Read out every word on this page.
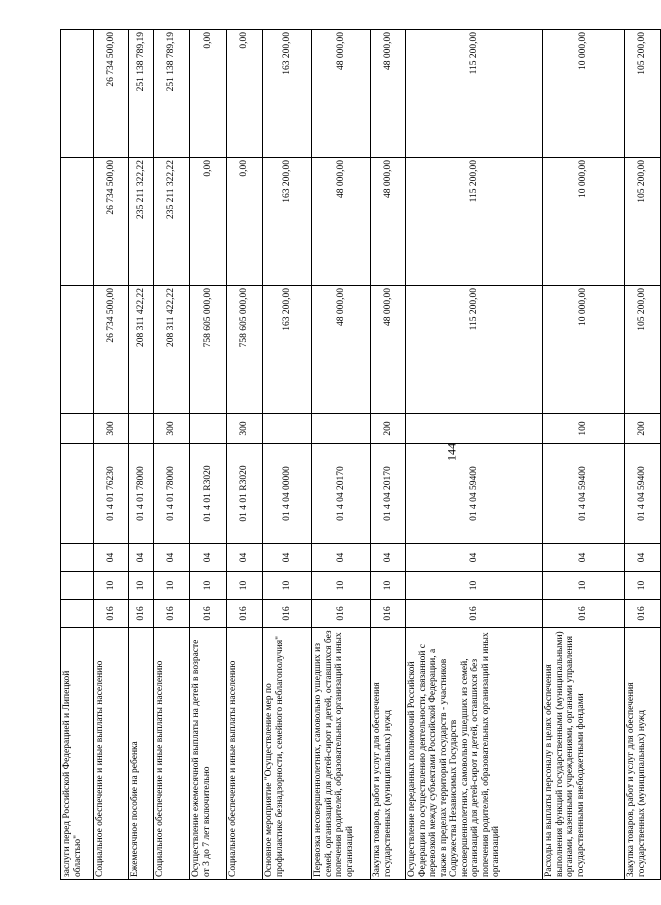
144
заслуги перед Российской Федерацией и Липецкой областью"								
Социальное обеспечение и иные выплаты населению	016	10	04	01 4 01 76230	300	26 734 500,00	26 734 500,00	26 734 500,00
Ежемесячное пособие на ребенка	016	10	04	01 4 01 78000		208 311 422,22	235 211 322,22	251 138 789,19
Социальное обеспечение и иные выплаты населению	016	10	04	01 4 01 78000	300	208 311 422,22	235 211 322,22	251 138 789,19
Осуществление ежемесячной выплаты на детей в возрасте от 3 до 7 лет включительно	016	10	04	01 4 01 R3020		758 605 000,00	0,00	0,00
Социальное обеспечение и иные выплаты населению	016	10	04	01 4 01 R3020	300	758 605 000,00	0,00	0,00
Основное мероприятие "Осуществление мер по профилактике безнадзорности, семейного неблагополучия"	016	10	04	01 4 04 00000		163 200,00	163 200,00	163 200,00
Перевозка несовершеннолетних, самовольно ушедших из семей, организаций для детей-сирот и детей, оставшихся без попечения родителей, образовательных организаций и иных организаций	016	10	04	01 4 04 20170		48 000,00	48 000,00	48 000,00
Закупка товаров, работ и услуг для обеспечения государственных (муниципальных) нужд	016	10	04	01 4 04 20170	200	48 000,00	48 000,00	48 000,00
Осуществление переданных полномочий Российской Федерации по осуществлению деятельности, связанной с перевозкой между субъектами Российской Федерации, а также в пределах территорий государств - участников Содружества Независимых Государств несовершеннолетних, самовольно ушедших из семей, организаций для детей-сирот и детей, оставшихся без попечения родителей, образовательных организаций и иных организаций	016	10	04	01 4 04 59400		115 200,00	115 200,00	115 200,00
Расходы на выплаты персоналу в целях обеспечения выполнения функций государственными (муниципальными) органами, казенными учреждениями, органами управления государственными внебюджетными фондами	016	10	04	01 4 04 59400	100	10 000,00	10 000,00	10 000,00
Закупка товаров, работ и услуг для обеспечения государственных (муниципальных) нужд	016	10	04	01 4 04 59400	200	105 200,00	105 200,00	105 200,00
